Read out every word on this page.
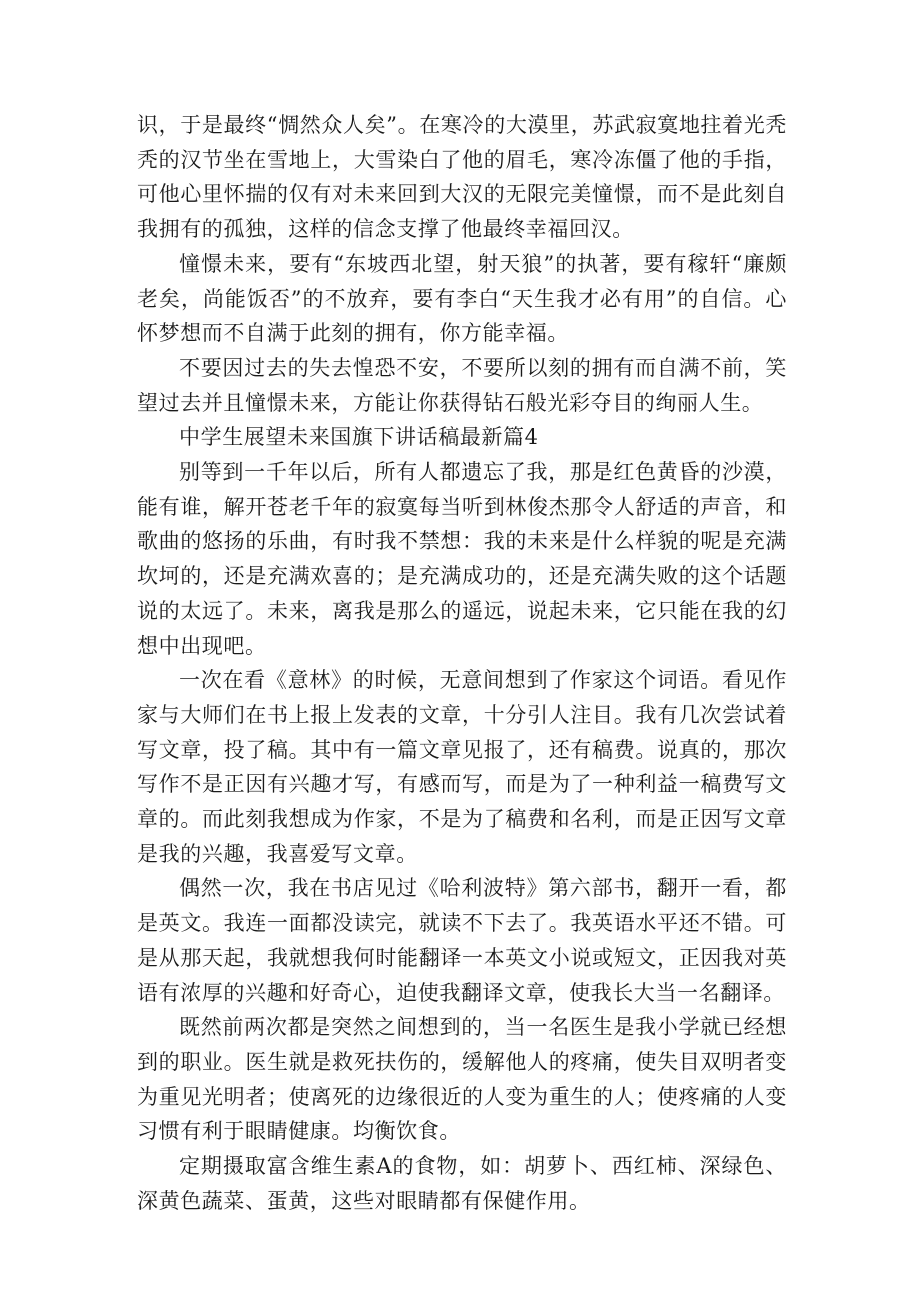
识，于是最终“惆然众人矣”。在寒冷的大漠里，苏武寂寞地拄着光秃秃的汉节坐在雪地上，大雪染白了他的眉毛，寒冷冻僵了他的手指，可他心里怀揣的仅有对未来回到大汉的无限完美憧憬，而不是此刻自我拥有的孤独，这样的信念支撑了他最终幸福回汉。

憧憬未来，要有“东坡西北望，射天狼”的执著，要有稼轩“廉颇老矣，尚能饭否”的不放弃，要有李白“天生我才必有用”的自信。心怀梦想而不自满于此刻的拥有，你方能幸福。

不要因过去的失去惶恐不安，不要所以刻的拥有而自满不前，笑望过去并且憧憬未来，方能让你获得钻石般光彩夺目的绚丽人生。

中学生展望未来国旗下讲话稿最新篇4

别等到一千年以后，所有人都遗忘了我，那是红色黄昏的沙漠，能有谁，解开苍老千年的寂寞每当听到林俊杰那令人舒适的声音，和歌曲的悠扬的乐曲，有时我不禁想：我的未来是什么样貌的呢是充满坎坷的，还是充满欢喜的；是充满成功的，还是充满失败的这个话题说的太远了。未来，离我是那么的遥远，说起未来，它只能在我的幻想中出现吧。

一次在看《意林》的时候，无意间想到了作家这个词语。看见作家与大师们在书上报上发表的文章，十分引人注目。我有几次尝试着写文章，投了稿。其中有一篇文章见报了，还有稿费。说真的，那次写作不是正因有兴趣才写，有感而写，而是为了一种利益一稿费写文章的。而此刻我想成为作家，不是为了稿费和名利，而是正因写文章是我的兴趣，我喜爱写文章。

偶然一次，我在书店见过《哈利波特》第六部书，翻开一看，都是英文。我连一面都没读完，就读不下去了。我英语水平还不错。可是从那天起，我就想我何时能翻译一本英文小说或短文，正因我对英语有浓厚的兴趣和好奇心，迫使我翻译文章，使我长大当一名翻译。

既然前两次都是突然之间想到的，当一名医生是我小学就已经想到的职业。医生就是救死扶伤的，缓解他人的疼痛，使失目双明者变为重见光明者；使离死的边缘很近的人变为重生的人；使疼痛的人变习惯有利于眼睛健康。均衡饮食。

定期摄取富含维生素A的食物，如：胡萝卜、西红柿、深绿色、深黄色蔬菜、蛋黄，这些对眼睛都有保健作用。
